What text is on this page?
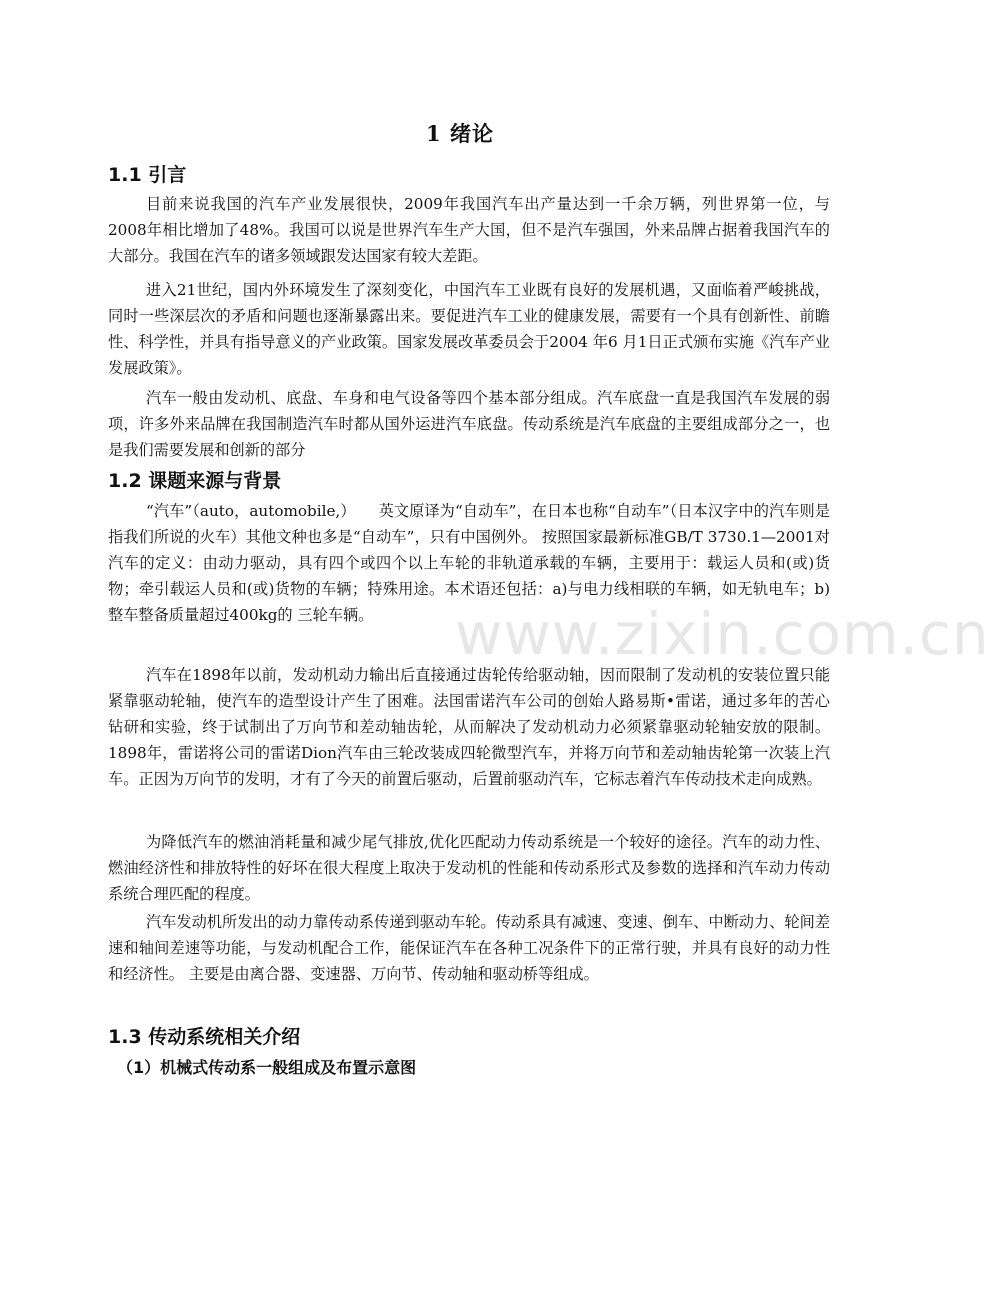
1 绪论
1.1 引言

目前来说我国的汽车产业发展很快，2009年我国汽车出产量达到一千余万辆，列世界第一位，与2008年相比增加了48%。我国可以说是世界汽车生产大国，但不是汽车强国，外来品牌占据着我国汽车的大部分。我国在汽车的诸多领域跟发达国家有较大差距。

进入21世纪，国内外环境发生了深刻变化，中国汽车工业既有良好的发展机遇，又面临着严峻挑战，同时一些深层次的矛盾和问题也逐渐暴露出来。要促进汽车工业的健康发展，需要有一个具有创新性、前瞻性、科学性，并具有指导意义的产业政策。国家发展改革委员会于2004 年6 月1日正式颁布实施《汽车产业发展政策》。

汽车一般由发动机、底盘、车身和电气设备等四个基本部分组成。汽车底盘一直是我国汽车发展的弱项，许多外来品牌在我国制造汽车时都从国外运进汽车底盘。传动系统是汽车底盘的主要组成部分之一，也是我们需要发展和创新的部分

1.2 课题来源与背景

“汽车”（auto，automobile,）　　英文原译为“自动车”，在日本也称“自动车”（日本汉字中的汽车则是指我们所说的火车）其他文种也多是“自动车”，只有中国例外。 按照国家最新标准GB/T 3730.1—2001对汽车的定义：由动力驱动，具有四个或四个以上车轮的非轨道承载的车辆，主要用于：载运人员和(或)货物；牵引载运人员和(或)货物的车辆；特殊用途。本术语还包括：a)与电力线相联的车辆，如无轨电车；b)整车整备质量超过400kg的 三轮车辆。

汽车在1898年以前，发动机动力输出后直接通过齿轮传给驱动轴，因而限制了发动机的安装位置只能紧靠驱动轮轴，使汽车的造型设计产生了困难。法国雷诺汽车公司的创始人路易斯•雷诺，通过多年的苦心钻研和实验，终于试制出了万向节和差动轴齿轮，从而解决了发动机动力必须紧靠驱动轮轴安放的限制。1898年，雷诺将公司的雷诺Dion汽车由三轮改装成四轮微型汽车，并将万向节和差动轴齿轮第一次装上汽车。正因为万向节的发明，才有了今天的前置后驱动，后置前驱动汽车，它标志着汽车传动技术走向成熟。

为降低汽车的燃油消耗量和减少尾气排放,优化匹配动力传动系统是一个较好的途径。汽车的动力性、燃油经济性和排放特性的好坏在很大程度上取决于发动机的性能和传动系形式及参数的选择和汽车动力传动系统合理匹配的程度。

汽车发动机所发出的动力靠传动系传递到驱动车轮。传动系具有减速、变速、倒车、中断动力、轮间差速和轴间差速等功能，与发动机配合工作，能保证汽车在各种工况条件下的正常行驶，并具有良好的动力性和经济性。 主要是由离合器、变速器、万向节、传动轴和驱动桥等组成。

1.3 传动系统相关介绍
（1）机械式传动系一般组成及布置示意图
www.zixin.com.cn
